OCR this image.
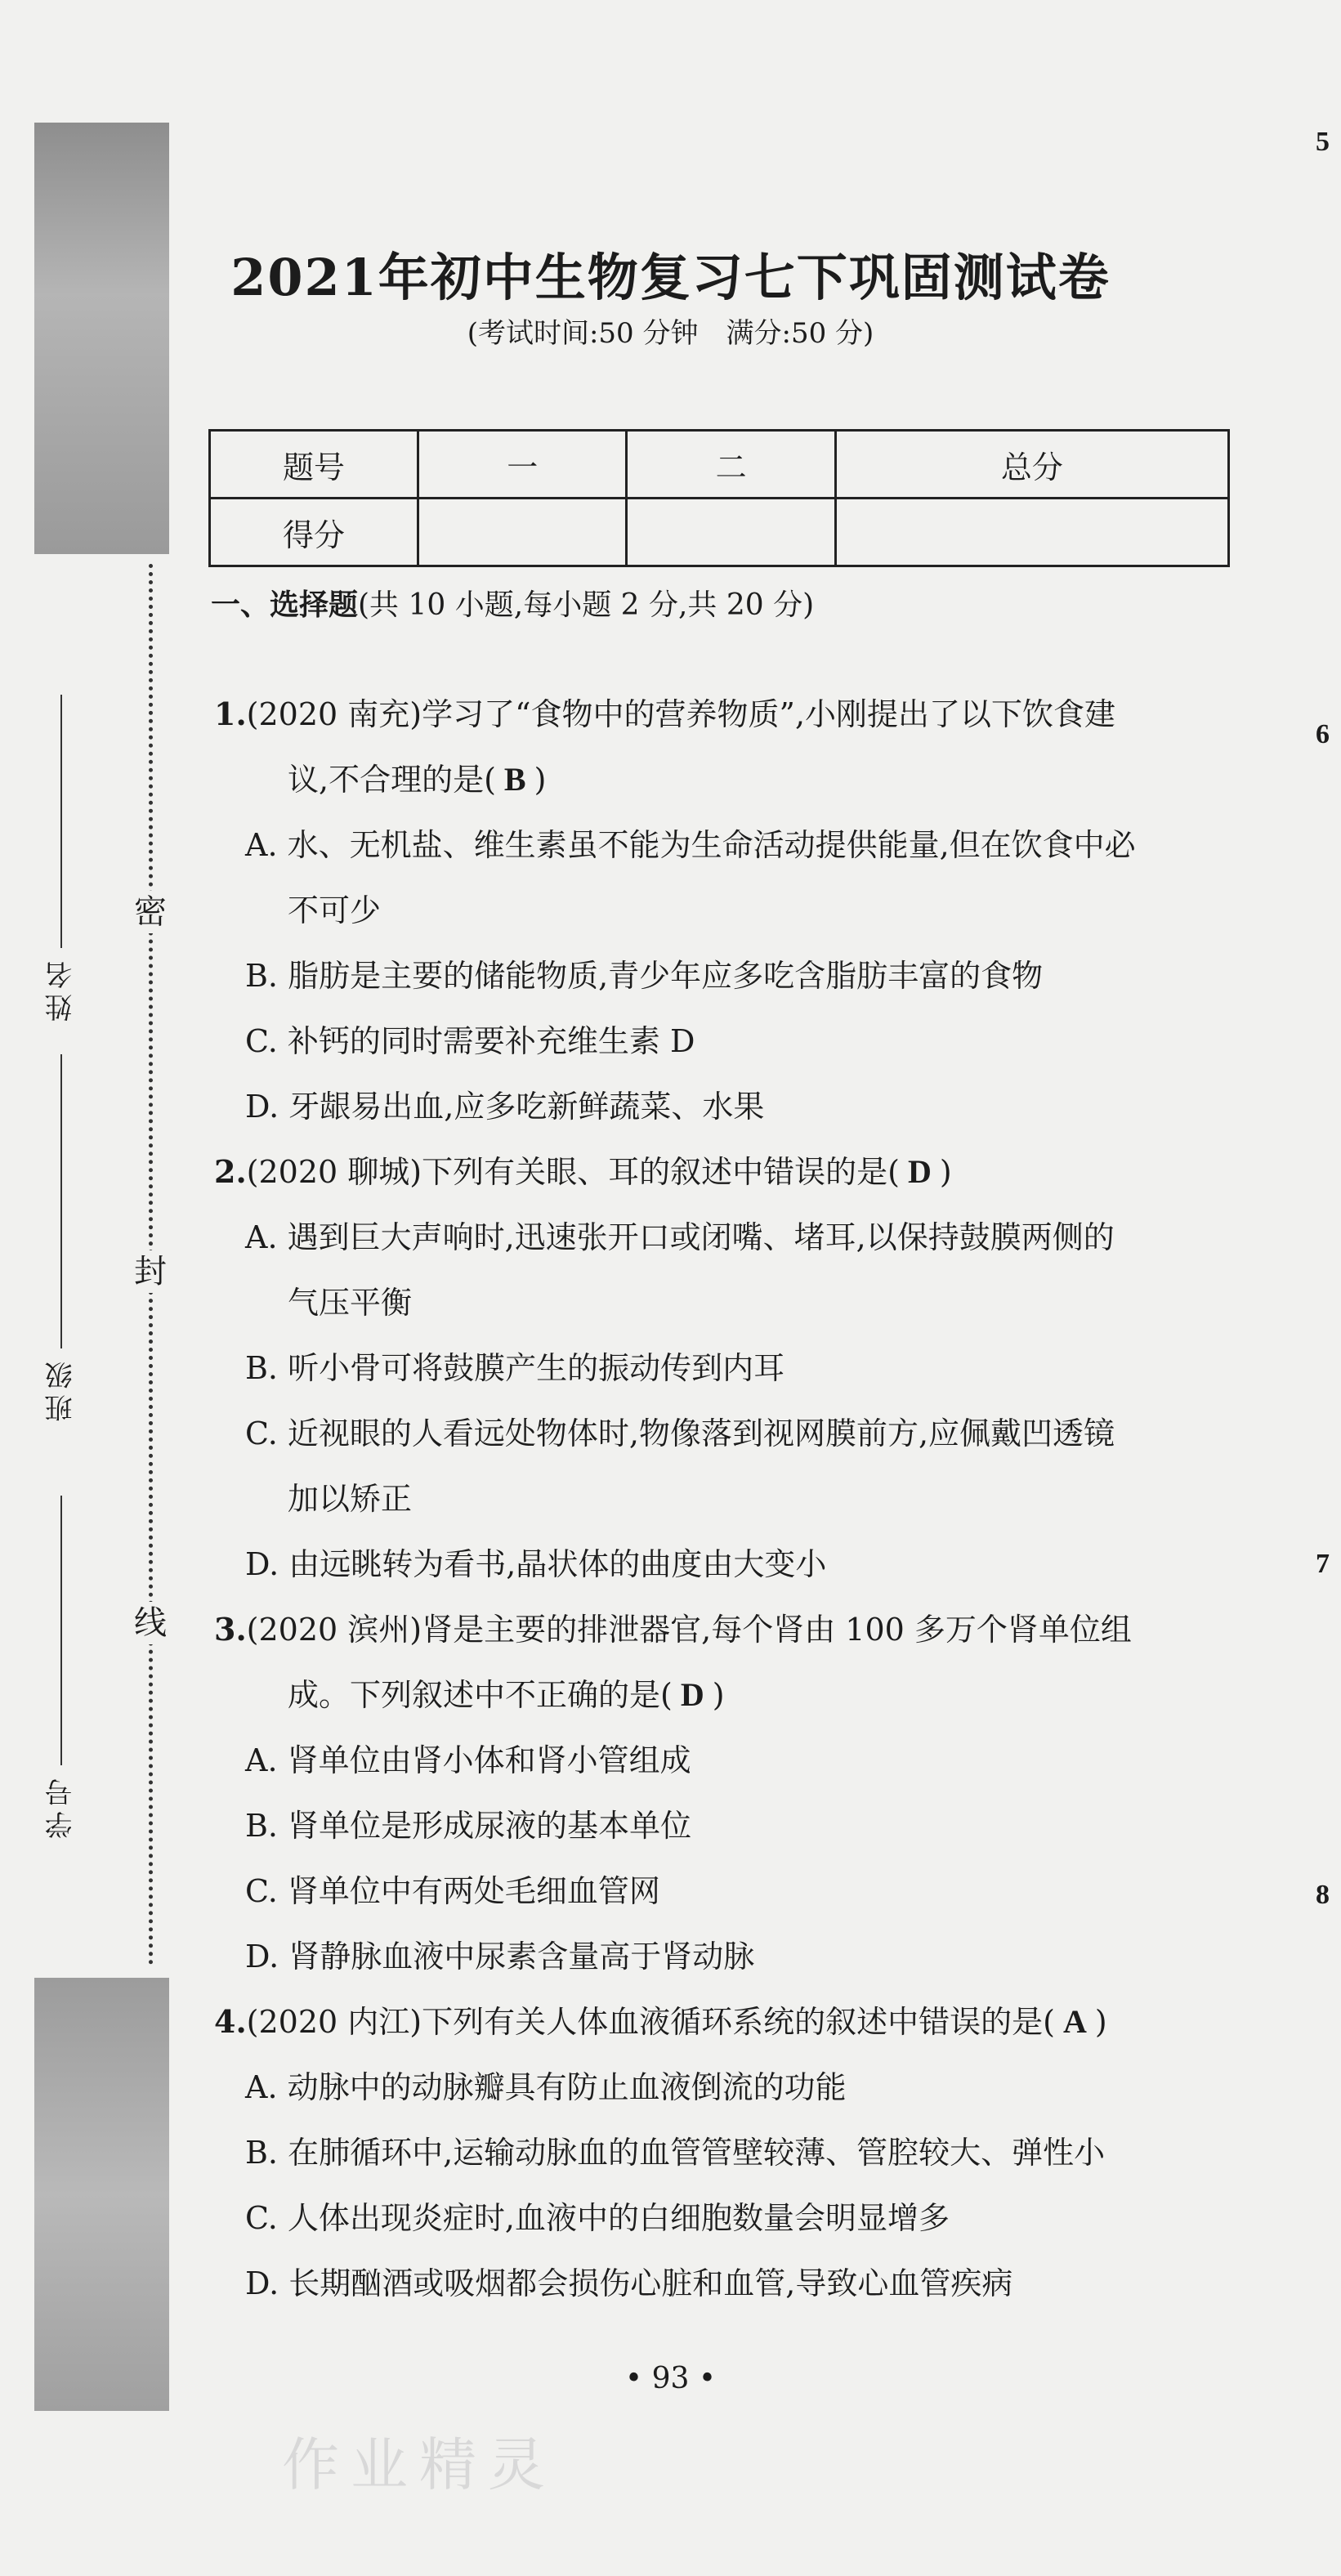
密
封
线
姓名
班级
学号
5
6
7
8
2021年初中生物复习七下巩固测试卷
(考试时间:50 分钟　满分:50 分)
题号	一	二	总分
得分			
一、选择题(共 10 小题,每小题 2 分,共 20 分)
1.(2020 南充)学习了“食物中的营养物质”,小刚提出了以下饮食建
议,不合理的是( B )
A. 水、无机盐、维生素虽不能为生命活动提供能量,但在饮食中必
不可少
B. 脂肪是主要的储能物质,青少年应多吃含脂肪丰富的食物
C. 补钙的同时需要补充维生素 D
D. 牙龈易出血,应多吃新鲜蔬菜、水果
2.(2020 聊城)下列有关眼、耳的叙述中错误的是( D )
A. 遇到巨大声响时,迅速张开口或闭嘴、堵耳,以保持鼓膜两侧的
气压平衡
B. 听小骨可将鼓膜产生的振动传到内耳
C. 近视眼的人看远处物体时,物像落到视网膜前方,应佩戴凹透镜
加以矫正
D. 由远眺转为看书,晶状体的曲度由大变小
3.(2020 滨州)肾是主要的排泄器官,每个肾由 100 多万个肾单位组
成。下列叙述中不正确的是( D )
A. 肾单位由肾小体和肾小管组成
B. 肾单位是形成尿液的基本单位
C. 肾单位中有两处毛细血管网
D. 肾静脉血液中尿素含量高于肾动脉
4.(2020 内江)下列有关人体血液循环系统的叙述中错误的是( A )
A. 动脉中的动脉瓣具有防止血液倒流的功能
B. 在肺循环中,运输动脉血的血管管壁较薄、管腔较大、弹性小
C. 人体出现炎症时,血液中的白细胞数量会明显增多
D. 长期酗酒或吸烟都会损伤心脏和血管,导致心血管疾病
• 93 •
作业精灵
